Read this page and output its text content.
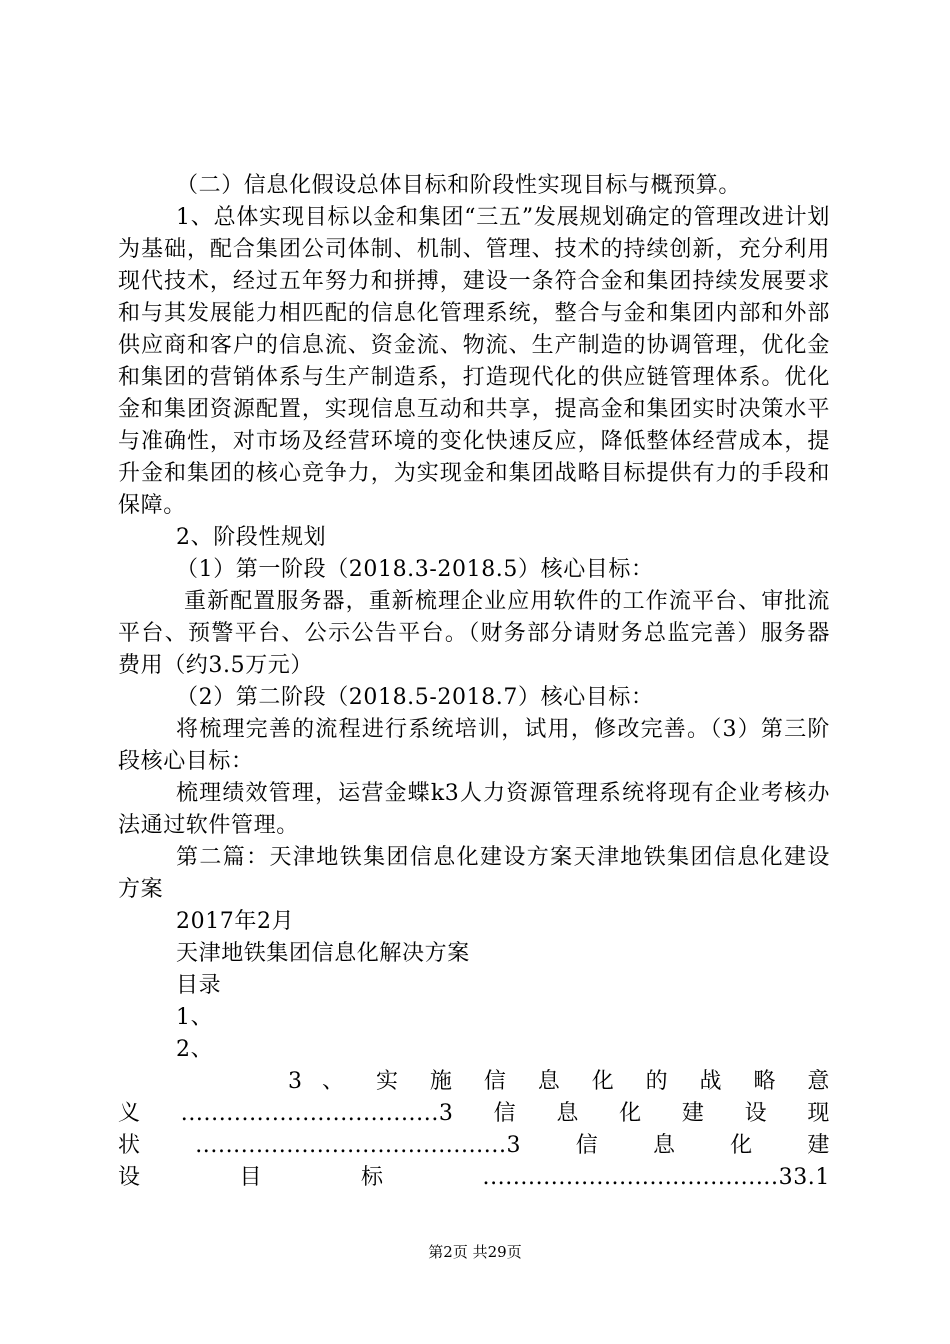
（二）信息化假设总体目标和阶段性实现目标与概预算。

1、总体实现目标以金和集团“三五”发展规划确定的管理改进计划为基础，配合集团公司体制、机制、管理、技术的持续创新，充分利用现代技术，经过五年努力和拼搏，建设一条符合金和集团持续发展要求和与其发展能力相匹配的信息化管理系统，整合与金和集团内部和外部供应商和客户的信息流、资金流、物流、生产制造的协调管理，优化金和集团的营销体系与生产制造系，打造现代化的供应链管理体系。优化金和集团资源配置，实现信息互动和共享，提高金和集团实时决策水平与准确性，对市场及经营环境的变化快速反应，降低整体经营成本，提升金和集团的核心竞争力，为实现金和集团战略目标提供有力的手段和保障。

2、阶段性规划

（1）第一阶段（2018.3-2018.5）核心目标：

重新配置服务器，重新梳理企业应用软件的工作流平台、审批流平台、预警平台、公示公告平台。（财务部分请财务总监完善）服务器费用（约3.5万元）

（2）第二阶段（2018.5-2018.7）核心目标：

将梳理完善的流程进行系统培训，试用，修改完善。（3）第三阶段核心目标：

梳理绩效管理，运营金蝶k3人力资源管理系统将现有企业考核办法通过软件管理。

第二篇：天津地铁集团信息化建设方案天津地铁集团信息化建设方案

2017年2月

天津地铁集团信息化解决方案

目录

1、

2、

3 、 实 施 信 息 化 的 战 略 意
义..................................3信息化建设现
状.........................................3信息化建
设 目 标 .......................................33.1
第2页 共29页
